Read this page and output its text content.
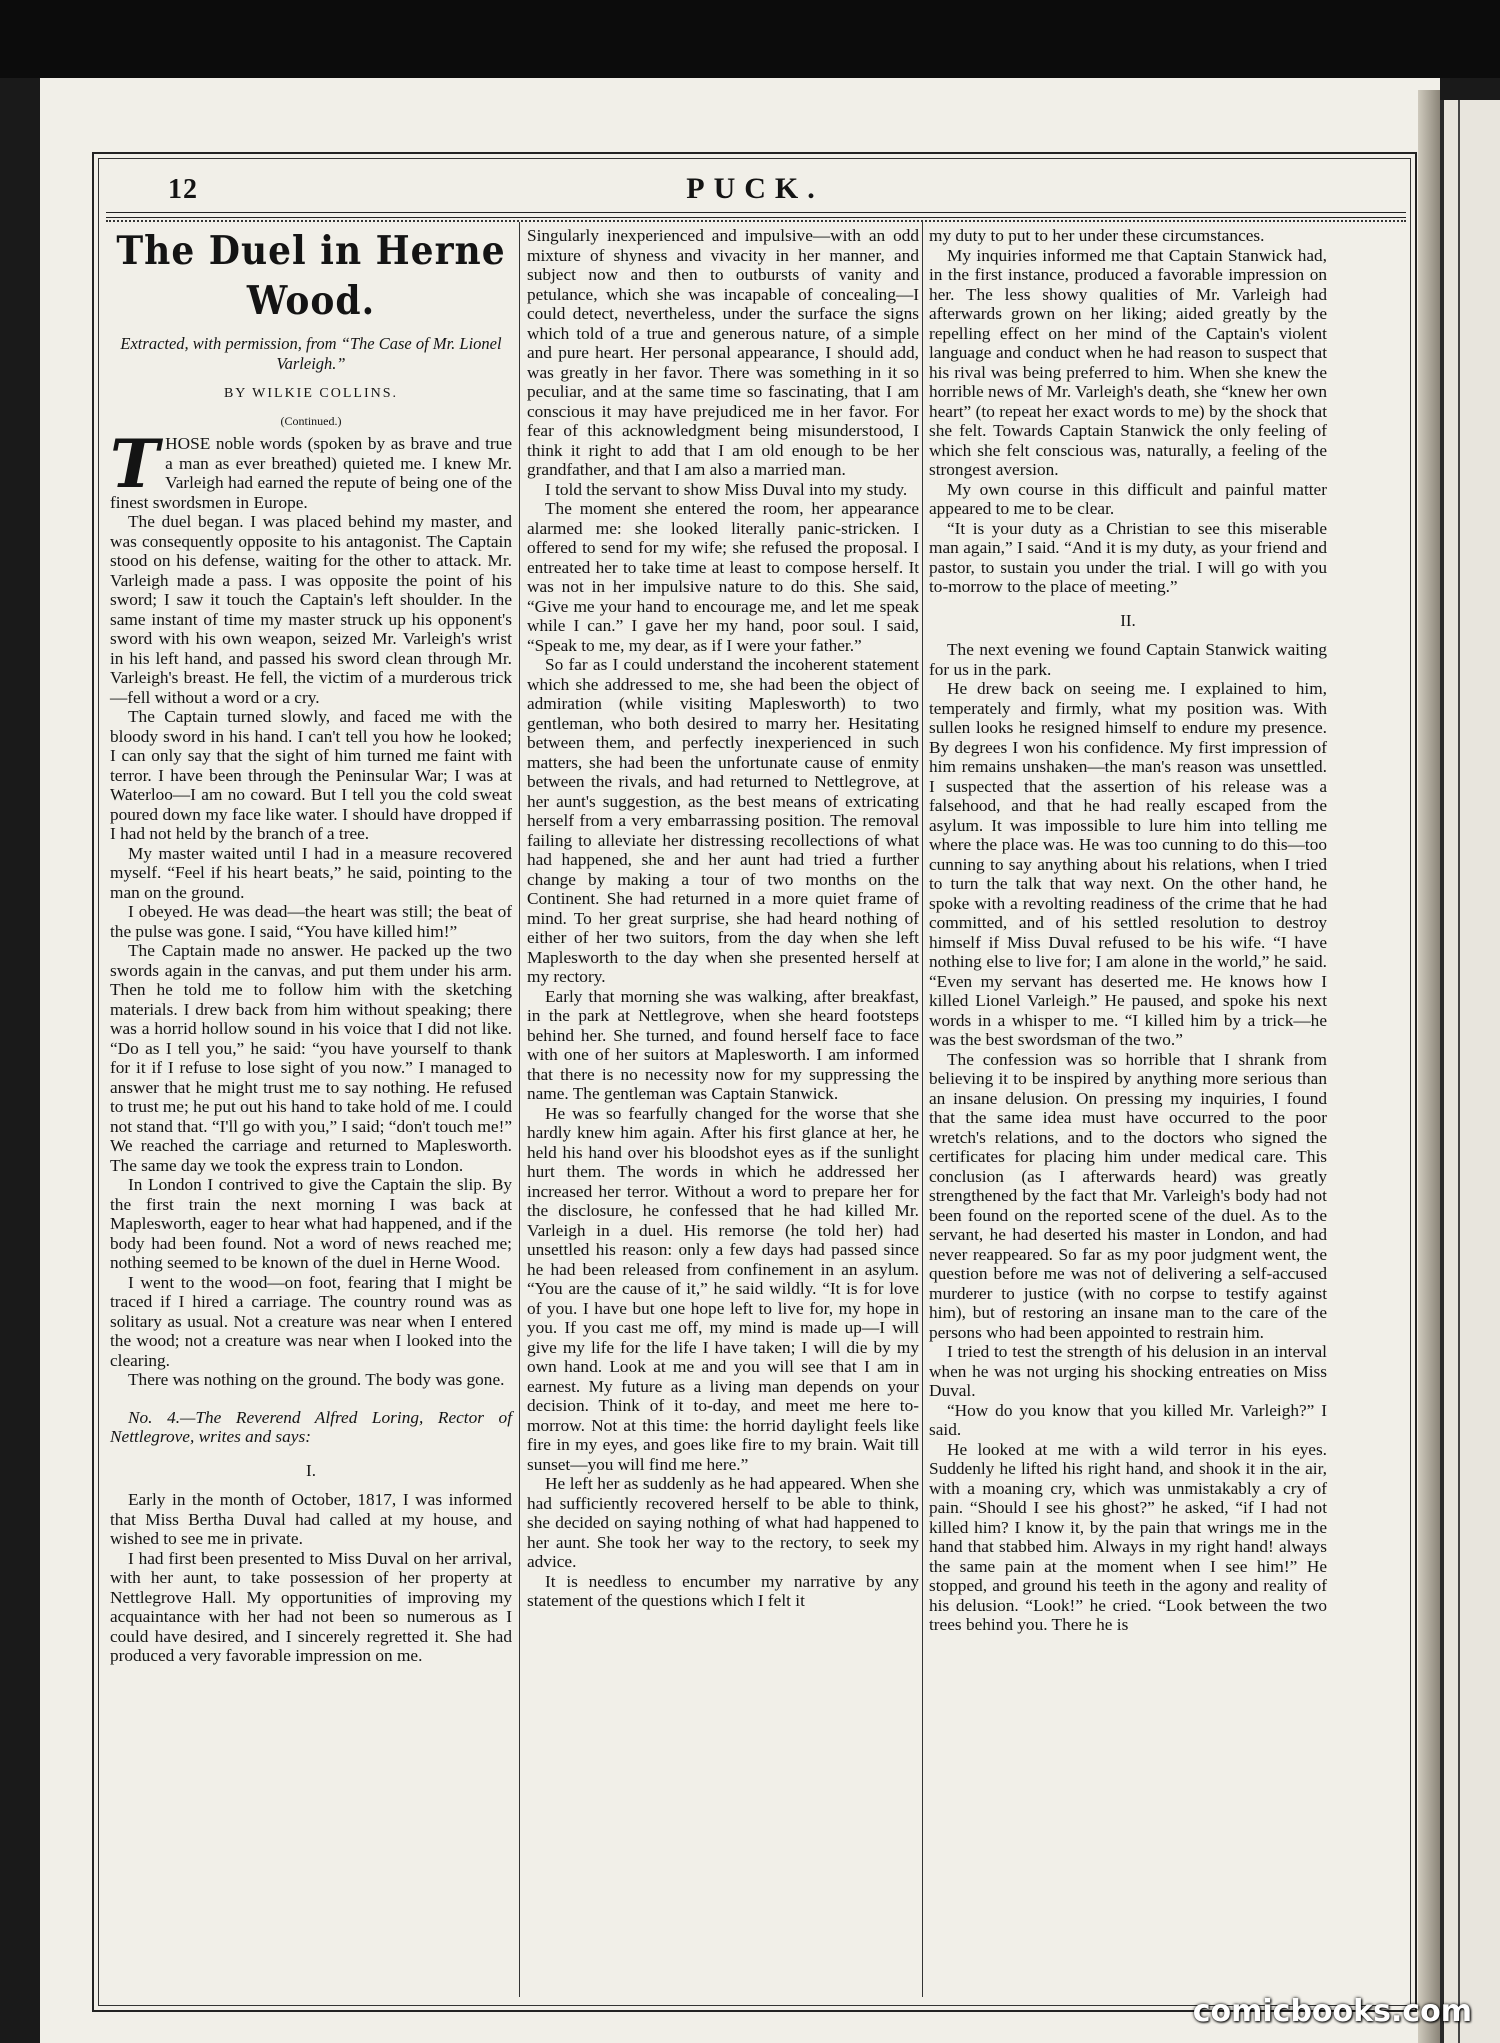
12	PUCK.
The Duel in Herne Wood.
Extracted, with permission, from “The Case of Mr. Lionel Varleigh.”
BY WILKIE COLLINS.
(Continued.)

THOSE noble words (spoken by as brave and true a man as ever breathed) quieted me. I knew Mr. Varleigh had earned the repute of being one of the finest swordsmen in Europe.

The duel began. I was placed behind my master, and was consequently opposite to his antagonist. The Captain stood on his defense, waiting for the other to attack. Mr. Varleigh made a pass. I was opposite the point of his sword; I saw it touch the Captain's left shoulder. In the same instant of time my master struck up his opponent's sword with his own weapon, seized Mr. Varleigh's wrist in his left hand, and passed his sword clean through Mr. Varleigh's breast. He fell, the victim of a murderous trick—fell without a word or a cry.

The Captain turned slowly, and faced me with the bloody sword in his hand. I can't tell you how he looked; I can only say that the sight of him turned me faint with terror. I have been through the Peninsular War; I was at Waterloo—I am no coward. But I tell you the cold sweat poured down my face like water. I should have dropped if I had not held by the branch of a tree.

My master waited until I had in a measure recovered myself. “Feel if his heart beats,” he said, pointing to the man on the ground.

I obeyed. He was dead—the heart was still; the beat of the pulse was gone. I said, “You have killed him!”

The Captain made no answer. He packed up the two swords again in the canvas, and put them under his arm. Then he told me to follow him with the sketching materials. I drew back from him without speaking; there was a horrid hollow sound in his voice that I did not like. “Do as I tell you,” he said: “you have yourself to thank for it if I refuse to lose sight of you now.” I managed to answer that he might trust me to say nothing. He refused to trust me; he put out his hand to take hold of me. I could not stand that. “I'll go with you,” I said; “don't touch me!” We reached the carriage and returned to Maplesworth. The same day we took the express train to London.

In London I contrived to give the Captain the slip. By the first train the next morning I was back at Maplesworth, eager to hear what had happened, and if the body had been found. Not a word of news reached me; nothing seemed to be known of the duel in Herne Wood.

I went to the wood—on foot, fearing that I might be traced if I hired a carriage. The country round was as solitary as usual. Not a creature was near when I entered the wood; not a creature was near when I looked into the clearing.

There was nothing on the ground. The body was gone.

No. 4.—The Reverend Alfred Loring, Rector of Nettlegrove, writes and says:

I.

Early in the month of October, 1817, I was informed that Miss Bertha Duval had called at my house, and wished to see me in private.

I had first been presented to Miss Duval on her arrival, with her aunt, to take possession of her property at Nettlegrove Hall. My opportunities of improving my acquaintance with her had not been so numerous as I could have desired, and I sincerely regretted it. She had produced a very favorable impression on me.

Singularly inexperienced and impulsive—with an odd mixture of shyness and vivacity in her manner, and subject now and then to outbursts of vanity and petulance, which she was incapable of concealing—I could detect, nevertheless, under the surface the signs which told of a true and generous nature, of a simple and pure heart. Her personal appearance, I should add, was greatly in her favor. There was something in it so peculiar, and at the same time so fascinating, that I am conscious it may have prejudiced me in her favor. For fear of this acknowledgment being misunderstood, I think it right to add that I am old enough to be her grandfather, and that I am also a married man.

I told the servant to show Miss Duval into my study.

The moment she entered the room, her appearance alarmed me: she looked literally panic-stricken. I offered to send for my wife; she refused the proposal. I entreated her to take time at least to compose herself. It was not in her impulsive nature to do this. She said, “Give me your hand to encourage me, and let me speak while I can.” I gave her my hand, poor soul. I said, “Speak to me, my dear, as if I were your father.”

So far as I could understand the incoherent statement which she addressed to me, she had been the object of admiration (while visiting Maplesworth) to two gentleman, who both desired to marry her. Hesitating between them, and perfectly inexperienced in such matters, she had been the unfortunate cause of enmity between the rivals, and had returned to Nettlegrove, at her aunt's suggestion, as the best means of extricating herself from a very embarrassing position. The removal failing to alleviate her distressing recollections of what had happened, she and her aunt had tried a further change by making a tour of two months on the Continent. She had returned in a more quiet frame of mind. To her great surprise, she had heard nothing of either of her two suitors, from the day when she left Maplesworth to the day when she presented herself at my rectory.

Early that morning she was walking, after breakfast, in the park at Nettlegrove, when she heard footsteps behind her. She turned, and found herself face to face with one of her suitors at Maplesworth. I am informed that there is no necessity now for my suppressing the name. The gentleman was Captain Stanwick.

He was so fearfully changed for the worse that she hardly knew him again. After his first glance at her, he held his hand over his bloodshot eyes as if the sunlight hurt them. The words in which he addressed her increased her terror. Without a word to prepare her for the disclosure, he confessed that he had killed Mr. Varleigh in a duel. His remorse (he told her) had unsettled his reason: only a few days had passed since he had been released from confinement in an asylum. “You are the cause of it,” he said wildly. “It is for love of you. I have but one hope left to live for, my hope in you. If you cast me off, my mind is made up—I will give my life for the life I have taken; I will die by my own hand. Look at me and you will see that I am in earnest. My future as a living man depends on your decision. Think of it to-day, and meet me here to-morrow. Not at this time: the horrid daylight feels like fire in my eyes, and goes like fire to my brain. Wait till sunset—you will find me here.”

He left her as suddenly as he had appeared. When she had sufficiently recovered herself to be able to think, she decided on saying nothing of what had happened to her aunt. She took her way to the rectory, to seek my advice.

It is needless to encumber my narrative by any statement of the questions which I felt it

my duty to put to her under these circumstances.

My inquiries informed me that Captain Stanwick had, in the first instance, produced a favorable impression on her. The less showy qualities of Mr. Varleigh had afterwards grown on her liking; aided greatly by the repelling effect on her mind of the Captain's violent language and conduct when he had reason to suspect that his rival was being preferred to him. When she knew the horrible news of Mr. Varleigh's death, she “knew her own heart” (to repeat her exact words to me) by the shock that she felt. Towards Captain Stanwick the only feeling of which she felt conscious was, naturally, a feeling of the strongest aversion.

My own course in this difficult and painful matter appeared to me to be clear.

“It is your duty as a Christian to see this miserable man again,” I said. “And it is my duty, as your friend and pastor, to sustain you under the trial. I will go with you to-morrow to the place of meeting.”

II.

The next evening we found Captain Stanwick waiting for us in the park.

He drew back on seeing me. I explained to him, temperately and firmly, what my position was. With sullen looks he resigned himself to endure my presence. By degrees I won his confidence. My first impression of him remains unshaken—the man's reason was unsettled. I suspected that the assertion of his release was a falsehood, and that he had really escaped from the asylum. It was impossible to lure him into telling me where the place was. He was too cunning to do this—too cunning to say anything about his relations, when I tried to turn the talk that way next. On the other hand, he spoke with a revolting readiness of the crime that he had committed, and of his settled resolution to destroy himself if Miss Duval refused to be his wife. “I have nothing else to live for; I am alone in the world,” he said. “Even my servant has deserted me. He knows how I killed Lionel Varleigh.” He paused, and spoke his next words in a whisper to me. “I killed him by a trick—he was the best swordsman of the two.”

The confession was so horrible that I shrank from believing it to be inspired by anything more serious than an insane delusion. On pressing my inquiries, I found that the same idea must have occurred to the poor wretch's relations, and to the doctors who signed the certificates for placing him under medical care. This conclusion (as I afterwards heard) was greatly strengthened by the fact that Mr. Varleigh's body had not been found on the reported scene of the duel. As to the servant, he had deserted his master in London, and had never reappeared. So far as my poor judgment went, the question before me was not of delivering a self-accused murderer to justice (with no corpse to testify against him), but of restoring an insane man to the care of the persons who had been appointed to restrain him.

I tried to test the strength of his delusion in an interval when he was not urging his shocking entreaties on Miss Duval.

“How do you know that you killed Mr. Varleigh?” I said.

He looked at me with a wild terror in his eyes. Suddenly he lifted his right hand, and shook it in the air, with a moaning cry, which was unmistakably a cry of pain. “Should I see his ghost?” he asked, “if I had not killed him? I know it, by the pain that wrings me in the hand that stabbed him. Always in my right hand! always the same pain at the moment when I see him!” He stopped, and ground his teeth in the agony and reality of his delusion. “Look!” he cried. “Look between the two trees behind you. There he is

comicbooks.com
